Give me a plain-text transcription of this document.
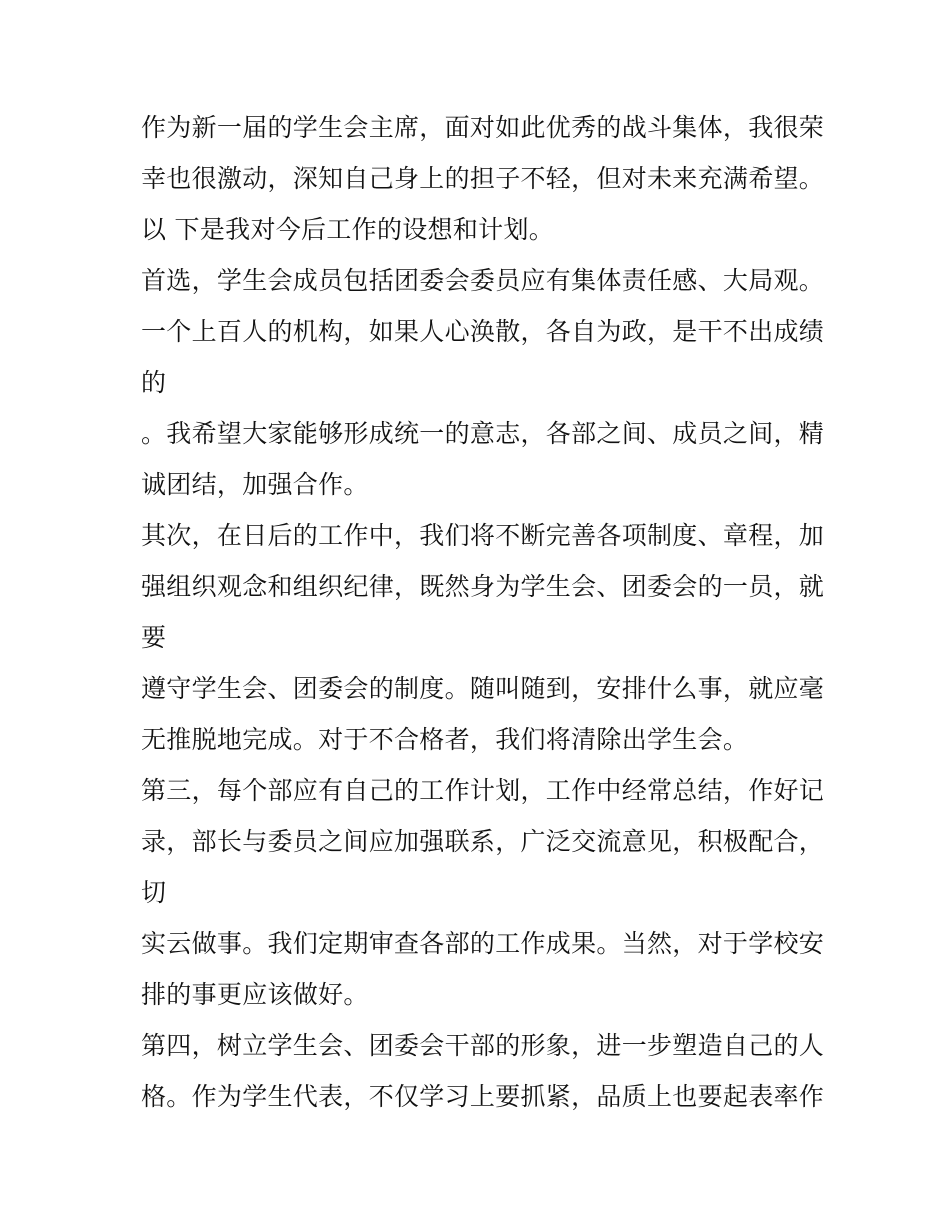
作为新一届的学生会主席，面对如此优秀的战斗集体，我很荣
幸也很激动，深知自己身上的担子不轻，但对未来充满希望。
以 下是我对今后工作的设想和计划。
首选，学生会成员包括团委会委员应有集体责任感、大局观。
一个上百人的机构，如果人心涣散，各自为政，是干不出成绩
的
。我希望大家能够形成统一的意志，各部之间、成员之间，精
诚团结，加强合作。
其次，在日后的工作中，我们将不断完善各项制度、章程，加
强组织观念和组织纪律，既然身为学生会、团委会的一员，就
要
遵守学生会、团委会的制度。随叫随到，安排什么事，就应毫
无推脱地完成。对于不合格者，我们将清除出学生会。
第三，每个部应有自己的工作计划，工作中经常总结，作好记
录，部长与委员之间应加强联系，广泛交流意见，积极配合，
切
实云做事。我们定期审查各部的工作成果。当然，对于学校安
排的事更应该做好。
第四，树立学生会、团委会干部的形象，进一步塑造自己的人
格。作为学生代表，不仅学习上要抓紧，品质上也要起表率作
